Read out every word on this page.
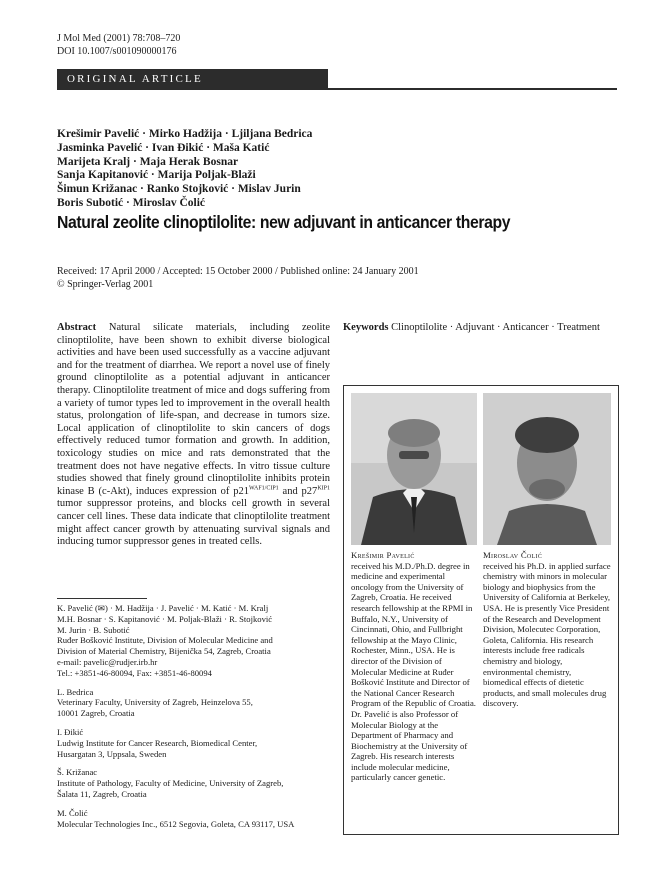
J Mol Med (2001) 78:708–720
DOI 10.1007/s001090000176
ORIGINAL ARTICLE
Krešimir Pavelić · Mirko Hadžija · Ljiljana Bedrica
Jasminka Pavelić · Ivan Đikić · Maša Katić
Marijeta Kralj · Maja Herak Bosnar
Sanja Kapitanović · Marija Poljak-Blaži
Šimun Križanac · Ranko Stojković · Mislav Jurin
Boris Subotić · Miroslav Čolić
Natural zeolite clinoptilolite: new adjuvant in anticancer therapy
Received: 17 April 2000 / Accepted: 15 October 2000 / Published online: 24 January 2001
© Springer-Verlag 2001
Abstract Natural silicate materials, including zeolite clinoptilolite, have been shown to exhibit diverse biological activities and have been used successfully as a vaccine adjuvant and for the treatment of diarrhea. We report a novel use of finely ground clinoptilolite as a potential adjuvant in anticancer therapy. Clinoptilolite treatment of mice and dogs suffering from a variety of tumor types led to improvement in the overall health status, prolongation of life-span, and decrease in tumors size. Local application of clinoptilolite to skin cancers of dogs effectively reduced tumor formation and growth. In addition, toxicology studies on mice and rats demonstrated that the treatment does not have negative effects. In vitro tissue culture studies showed that finely ground clinoptilolite inhibits protein kinase B (c-Akt), induces expression of $p21^{WAF1/CIP1}$ and $p27^{KIP1}$ tumor suppressor proteins, and blocks cell growth in several cancer cell lines. These data indicate that clinoptilolite treatment might affect cancer growth by attenuating survival signals and inducing tumor suppressor genes in treated cells.
K. Pavelić (✉) · M. Hadžija · J. Pavelić · M. Katić · M. Kralj
M.H. Bosnar · S. Kapitanović · M. Poljak-Blaži · R. Stojković
M. Jurin · B. Subotić
Ruđer Bošković Institute, Division of Molecular Medicine and
Division of Material Chemistry, Bijenička 54, Zagreb, Croatia
e-mail: pavelic@rudjer.irb.hr
Tel.: +3851-46-80094, Fax: +3851-46-80094
L. Bedrica
Veterinary Faculty, University of Zagreb, Heinzelova 55,
10001 Zagreb, Croatia
I. Đikić
Ludwig Institute for Cancer Research, Biomedical Center,
Husargatan 3, Uppsala, Sweden
Š. Križanac
Institute of Pathology, Faculty of Medicine, University of Zagreb,
Šalata 11, Zagreb, Croatia
M. Čolić
Molecular Technologies Inc., 6512 Segovia, Goleta, CA 93117, USA
Keywords Clinoptilolite · Adjuvant · Anticancer · Treatment
Krešimir Pavelić
received his M.D./Ph.D. degree in medicine and experimental oncology from the University of Zagreb, Croatia. He received research fellowship at the RPMI in Buffalo, N.Y., University of Cincinnati, Ohio, and Fullbright fellowship at the Mayo Clinic, Rochester, Minn., USA. He is director of the Division of Molecular Medicine at Ruđer Bošković Institute and Director of the National Cancer Research Program of the Republic of Croatia. Dr. Pavelić is also Professor of Molecular Biology at the Department of Pharmacy and Biochemistry at the University of Zagreb. His research interests include molecular medicine, particularly cancer genetic.
Miroslav Čolić
received his Ph.D. in applied surface chemistry with minors in molecular biology and biophysics from the University of California at Berkeley, USA. He is presently Vice President of the Research and Development Division, Molecutec Corporation, Goleta, California. His research interests include free radicals chemistry and biology, environmental chemistry, biomedical effects of dietetic products, and small molecules drug discovery.
